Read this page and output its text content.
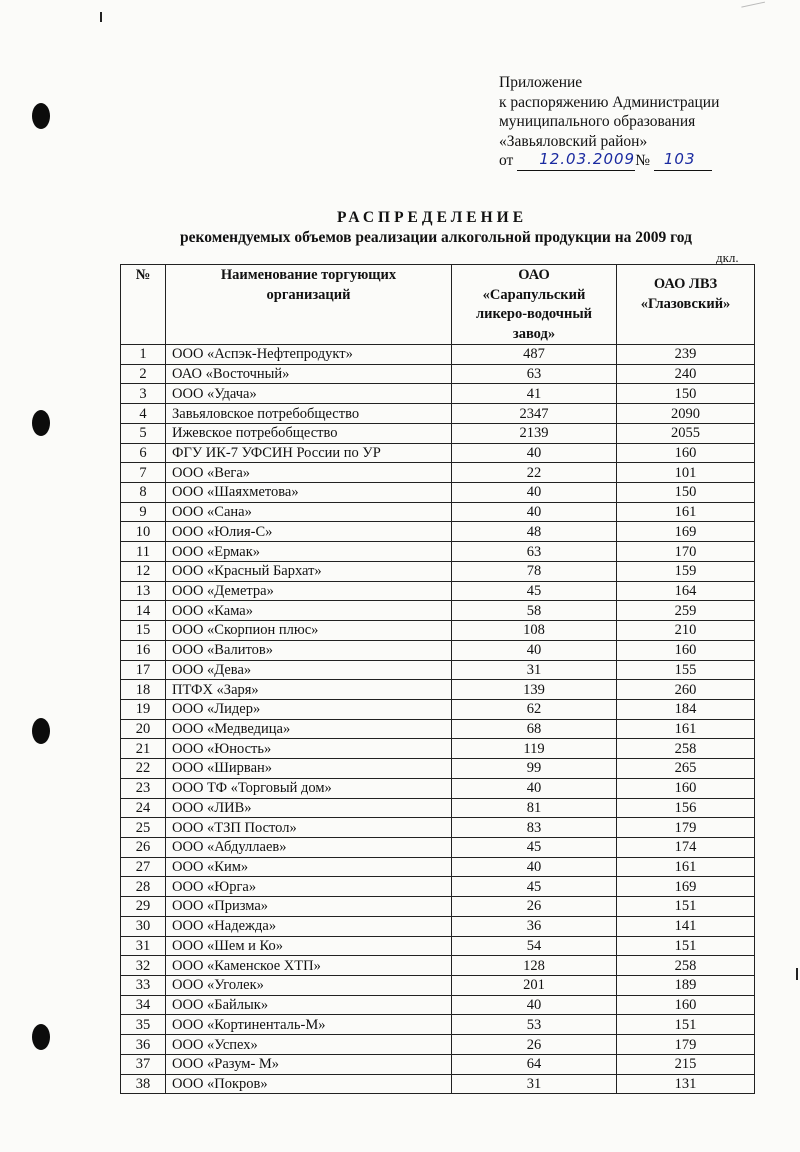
Приложение
к распоряжению Администрации
муниципального образования
«Завьяловский район»
от 12.03.2009 № 103
РАСПРЕДЕЛЕНИЕ
рекомендуемых объемов реализации алкогольной продукции на 2009 год
дкл.
№	Наименование торгующих организаций	ОАО «Сарапульский ликеро-водочный завод»	ОАО ЛВЗ «Глазовский»
1	ООО «Аспэк-Нефтепродукт»	487	239
2	ОАО «Восточный»	63	240
3	ООО «Удача»	41	150
4	Завьяловское потребобщество	2347	2090
5	Ижевское потребобщество	2139	2055
6	ФГУ ИК-7 УФСИН России по УР	40	160
7	ООО «Вега»	22	101
8	ООО «Шаяхметова»	40	150
9	ООО «Сана»	40	161
10	ООО «Юлия-С»	48	169
11	ООО «Ермак»	63	170
12	ООО «Красный Бархат»	78	159
13	ООО «Деметра»	45	164
14	ООО «Кама»	58	259
15	ООО «Скорпион плюс»	108	210
16	ООО «Валитов»	40	160
17	ООО «Дева»	31	155
18	ПТФХ «Заря»	139	260
19	ООО «Лидер»	62	184
20	ООО «Медведица»	68	161
21	ООО «Юность»	119	258
22	ООО «Ширван»	99	265
23	ООО ТФ «Торговый дом»	40	160
24	ООО «ЛИВ»	81	156
25	ООО «ТЗП Постол»	83	179
26	ООО «Абдуллаев»	45	174
27	ООО «Ким»	40	161
28	ООО «Юрга»	45	169
29	ООО «Призма»	26	151
30	ООО «Надежда»	36	141
31	ООО «Шем и Ко»	54	151
32	ООО «Каменское ХТП»	128	258
33	ООО «Уголек»	201	189
34	ООО «Байлык»	40	160
35	ООО «Кортиненталь-М»	53	151
36	ООО «Успех»	26	179
37	ООО «Разум- М»	64	215
38	ООО «Покров»	31	131
